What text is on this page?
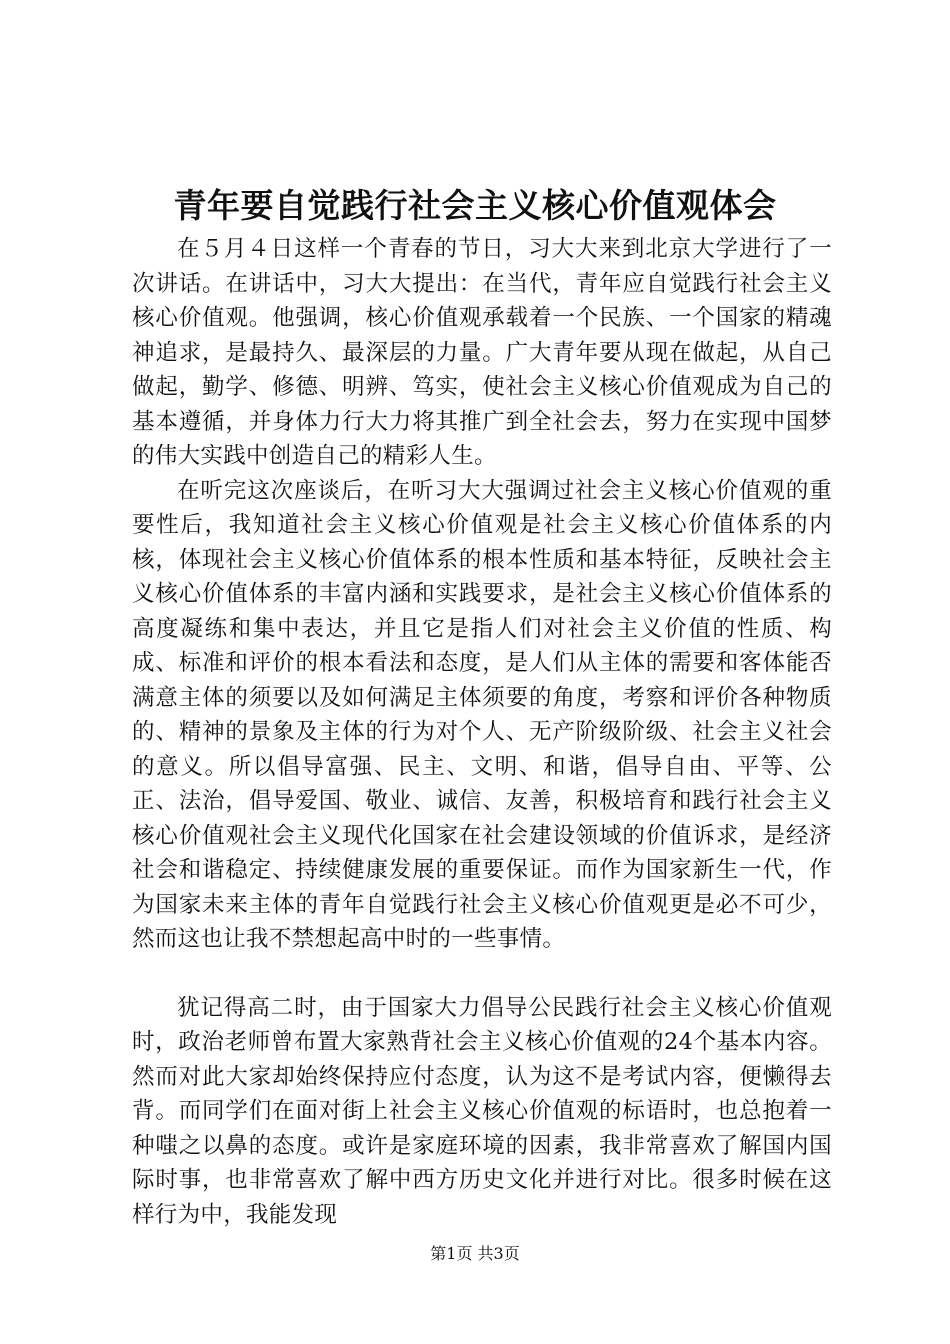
青年要自觉践行社会主义核心价值观体会

在５月４日这样一个青春的节日，习大大来到北京大学进行了一次讲话。在讲话中，习大大提出：在当代，青年应自觉践行社会主义核心价值观。他强调，核心价值观承载着一个民族、一个国家的精魂神追求，是最持久、最深层的力量。广大青年要从现在做起，从自己做起，勤学、修德、明辨、笃实，使社会主义核心价值观成为自己的基本遵循，并身体力行大力将其推广到全社会去，努力在实现中国梦的伟大实践中创造自己的精彩人生。

在听完这次座谈后，在听习大大强调过社会主义核心价值观的重要性后，我知道社会主义核心价值观是社会主义核心价值体系的内核，体现社会主义核心价值体系的根本性质和基本特征，反映社会主义核心价值体系的丰富内涵和实践要求，是社会主义核心价值体系的高度凝练和集中表达，并且它是指人们对社会主义价值的性质、构成、标准和评价的根本看法和态度，是人们从主体的需要和客体能否满意主体的须要以及如何满足主体须要的角度，考察和评价各种物质的、精神的景象及主体的行为对个人、无产阶级阶级、社会主义社会的意义。所以倡导富强、民主、文明、和谐，倡导自由、平等、公正、法治，倡导爱国、敬业、诚信、友善，积极培育和践行社会主义核心价值观社会主义现代化国家在社会建设领域的价值诉求，是经济社会和谐稳定、持续健康发展的重要保证。而作为国家新生一代，作为国家未来主体的青年自觉践行社会主义核心价值观更是必不可少，然而这也让我不禁想起高中时的一些事情。

犹记得高二时，由于国家大力倡导公民践行社会主义核心价值观时，政治老师曾布置大家熟背社会主义核心价值观的24个基本内容。然而对此大家却始终保持应付态度，认为这不是考试内容，便懒得去背。而同学们在面对街上社会主义核心价值观的标语时，也总抱着一种嗤之以鼻的态度。或许是家庭环境的因素，我非常喜欢了解国内国际时事，也非常喜欢了解中西方历史文化并进行对比。很多时候在这样行为中，我能发现

第1页 共3页
